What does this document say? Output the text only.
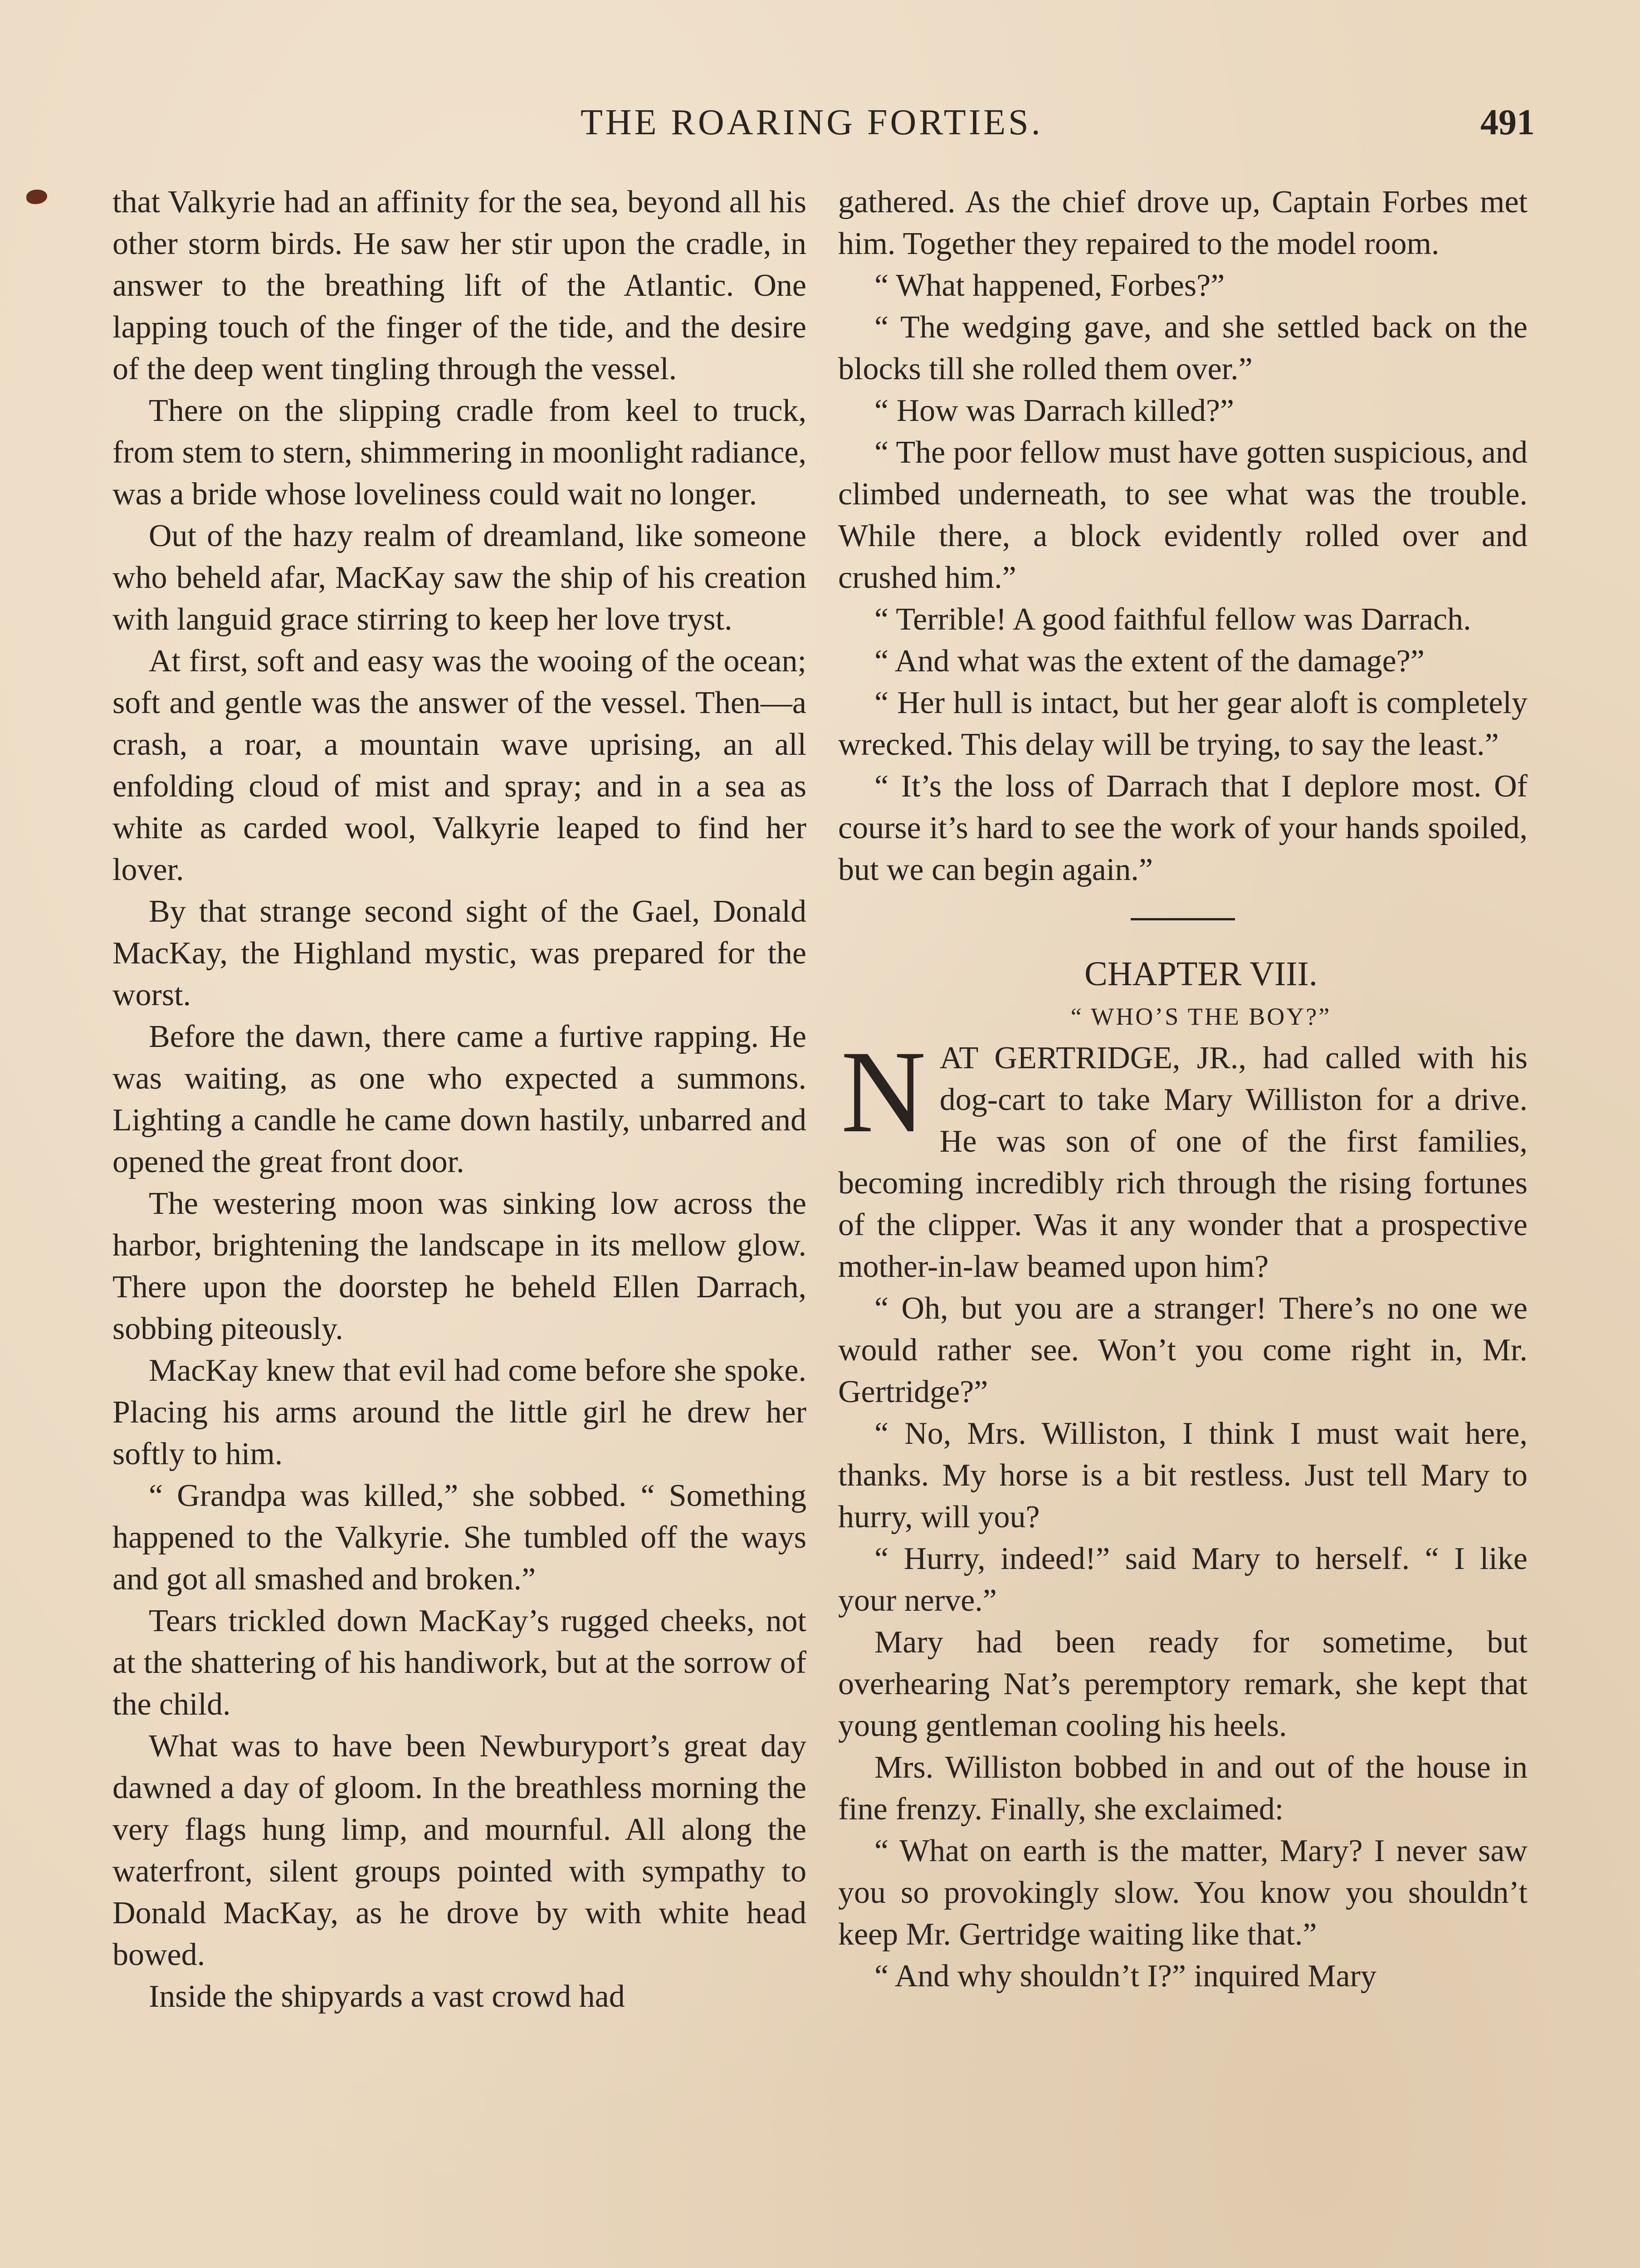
THE ROARING FORTIES.	491

that Valkyrie had an affinity for the sea, beyond all his other storm birds. He saw her stir upon the cradle, in answer to the breathing lift of the Atlantic. One lapping touch of the finger of the tide, and the desire of the deep went tingling through the vessel.

There on the slipping cradle from keel to truck, from stem to stern, shimmering in moonlight radiance, was a bride whose loveliness could wait no longer.

Out of the hazy realm of dreamland, like someone who beheld afar, MacKay saw the ship of his creation with languid grace stirring to keep her love tryst.

At first, soft and easy was the wooing of the ocean; soft and gentle was the answer of the vessel. Then—a crash, a roar, a mountain wave uprising, an all enfolding cloud of mist and spray; and in a sea as white as carded wool, Valkyrie leaped to find her lover.

By that strange second sight of the Gael, Donald MacKay, the Highland mystic, was prepared for the worst.

Before the dawn, there came a furtive rapping. He was waiting, as one who expected a summons. Lighting a candle he came down hastily, unbarred and opened the great front door.

The westering moon was sinking low across the harbor, brightening the landscape in its mellow glow. There upon the doorstep he beheld Ellen Darrach, sobbing piteously.

MacKay knew that evil had come before she spoke. Placing his arms around the little girl he drew her softly to him.

“ Grandpa was killed,” she sobbed. “ Something happened to the Valkyrie. She tumbled off the ways and got all smashed and broken.”

Tears trickled down MacKay’s rugged cheeks, not at the shattering of his handiwork, but at the sorrow of the child.

What was to have been Newburyport’s great day dawned a day of gloom. In the breathless morning the very flags hung limp, and mournful. All along the waterfront, silent groups pointed with sympathy to Donald MacKay, as he drove by with white head bowed.

Inside the shipyards a vast crowd had

gathered. As the chief drove up, Captain Forbes met him. Together they repaired to the model room.

“ What happened, Forbes?”

“ The wedging gave, and she settled back on the blocks till she rolled them over.”

“ How was Darrach killed?”

“ The poor fellow must have gotten suspicious, and climbed underneath, to see what was the trouble. While there, a block evidently rolled over and crushed him.”

“ Terrible! A good faithful fellow was Darrach.

“ And what was the extent of the damage?”

“ Her hull is intact, but her gear aloft is completely wrecked. This delay will be trying, to say the least.”

“ It’s the loss of Darrach that I deplore most. Of course it’s hard to see the work of your hands spoiled, but we can begin again.”

CHAPTER VIII.

“ WHO’S THE BOY?”

NAT GERTRIDGE, JR., had called with his dog-cart to take Mary Williston for a drive. He was son of one of the first families, becoming incredibly rich through the rising fortunes of the clipper. Was it any wonder that a prospective mother-in-law beamed upon him?

“ Oh, but you are a stranger! There’s no one we would rather see. Won’t you come right in, Mr. Gertridge?”

“ No, Mrs. Williston, I think I must wait here, thanks. My horse is a bit restless. Just tell Mary to hurry, will you?

“ Hurry, indeed!” said Mary to herself. “ I like your nerve.”

Mary had been ready for sometime, but overhearing Nat’s peremptory remark, she kept that young gentleman cooling his heels.

Mrs. Williston bobbed in and out of the house in fine frenzy. Finally, she exclaimed:

“ What on earth is the matter, Mary? I never saw you so provokingly slow. You know you shouldn’t keep Mr. Gertridge waiting like that.”

“ And why shouldn’t I?” inquired Mary
